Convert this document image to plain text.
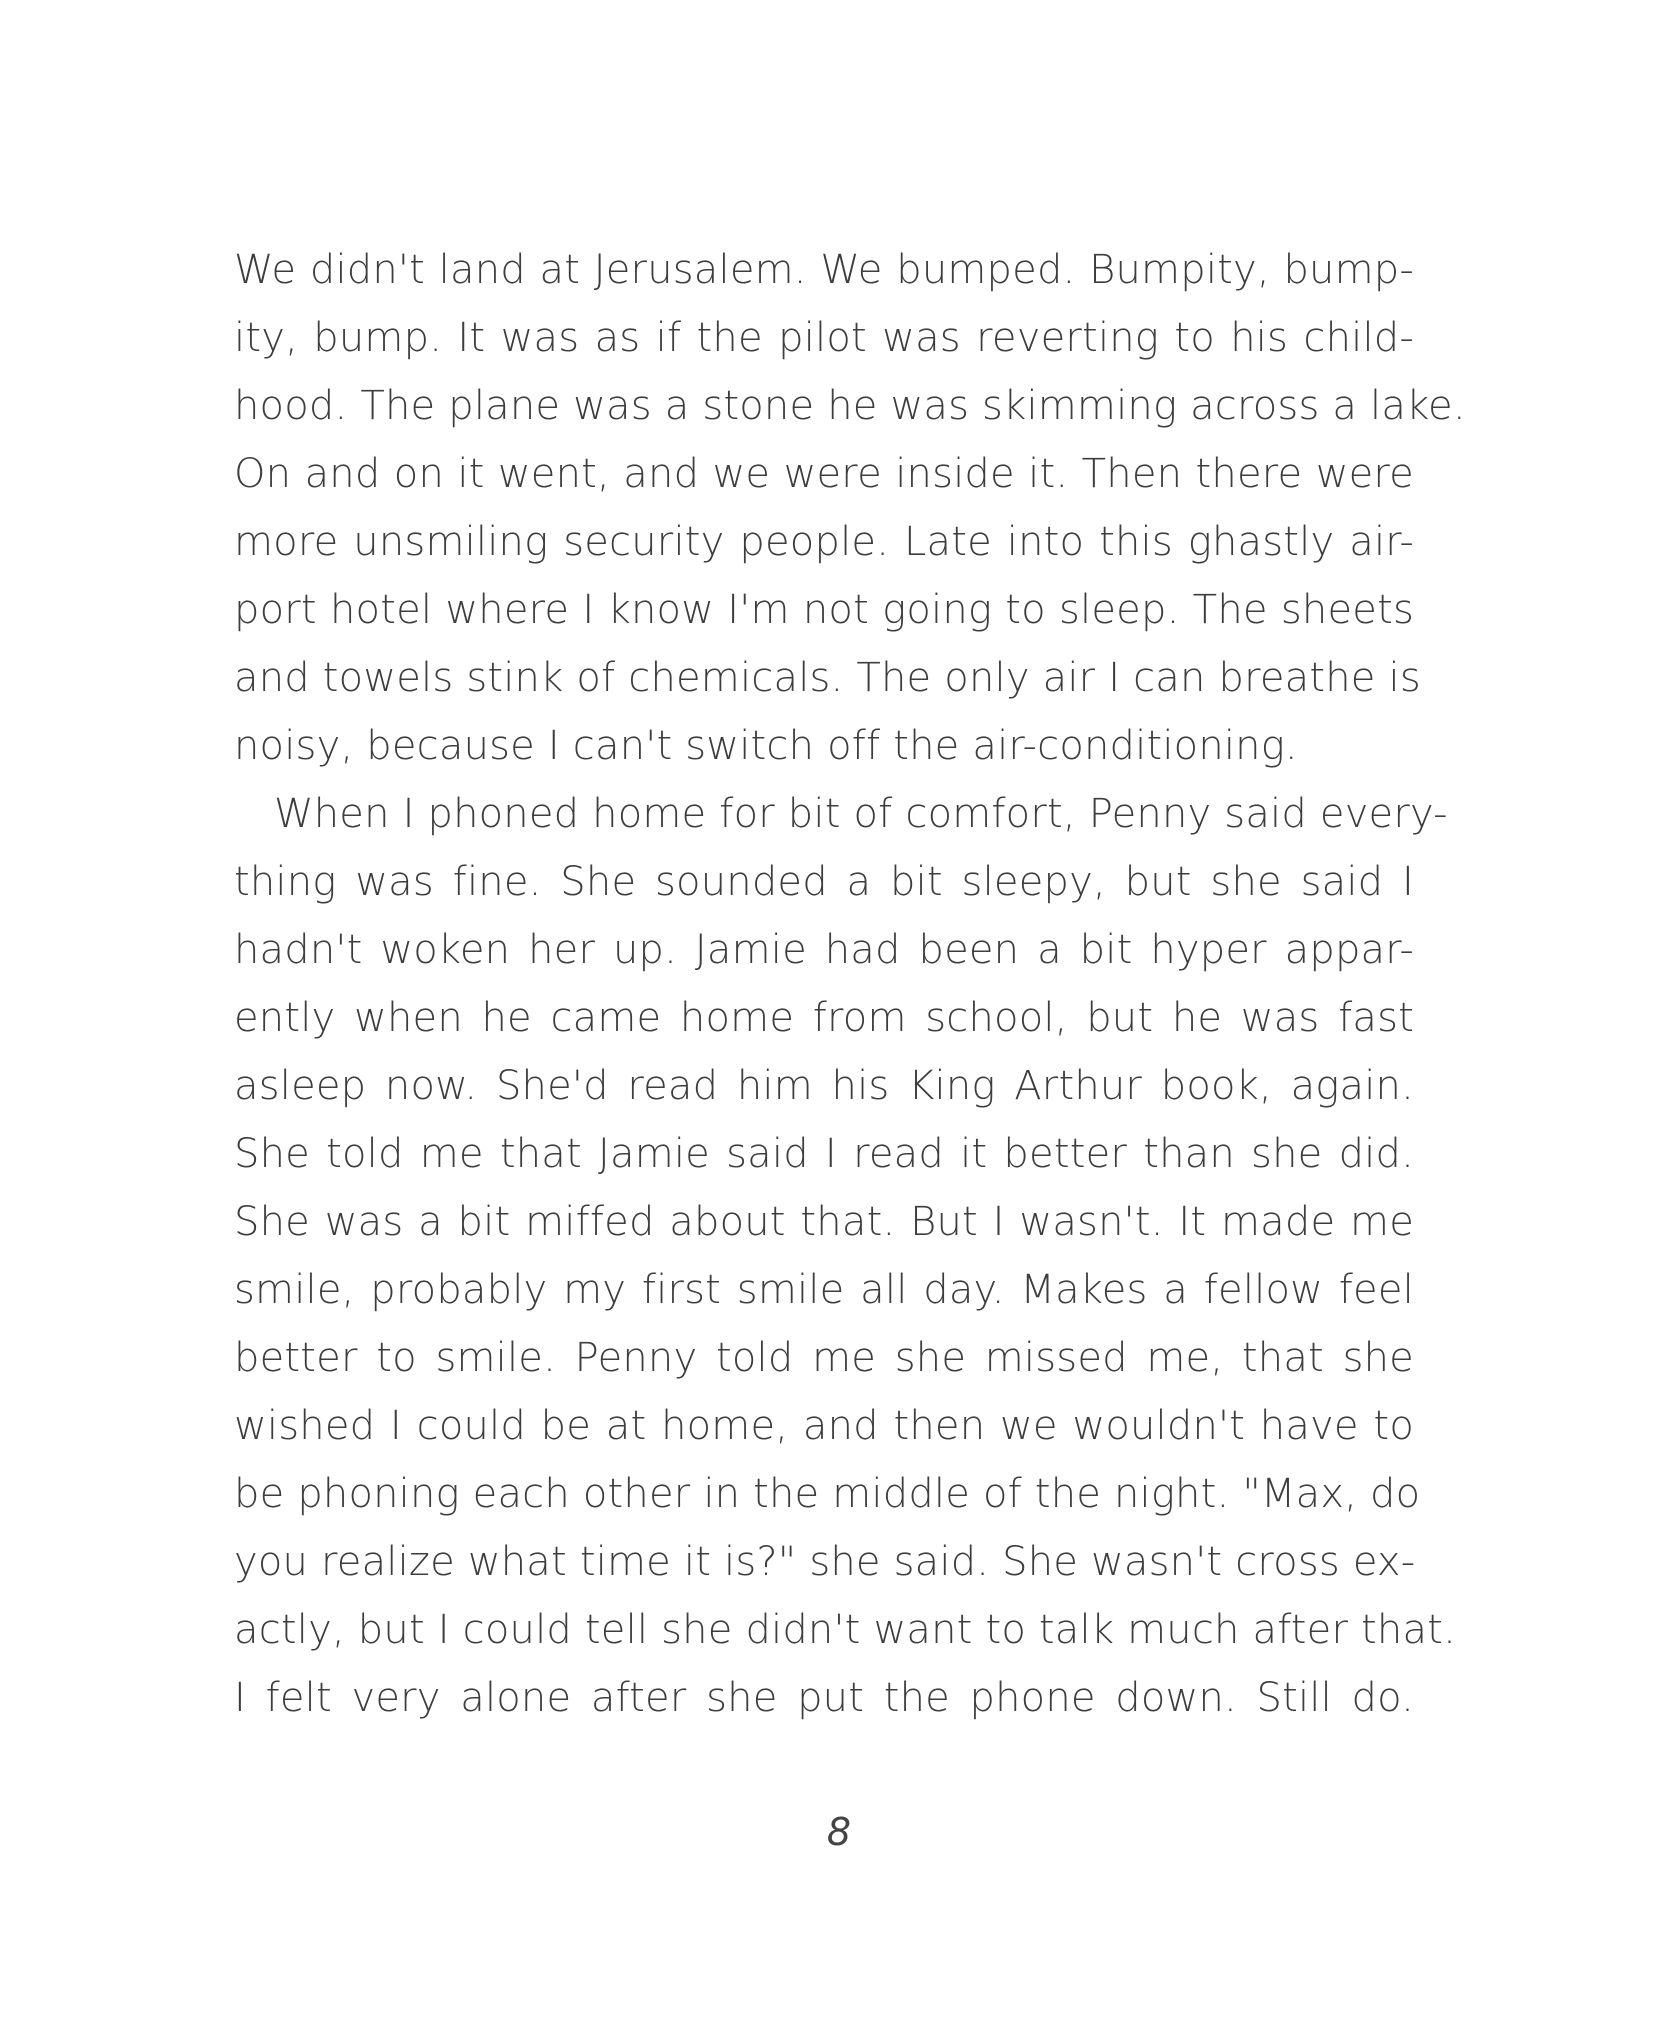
We didn't land at Jerusalem. We bumped. Bumpity, bump-
ity, bump. It was as if the pilot was reverting to his child-
hood. The plane was a stone he was skimming across a lake.
On and on it went, and we were inside it. Then there were
more unsmiling security people. Late into this ghastly air-
port hotel where I know I'm not going to sleep. The sheets
and towels stink of chemicals. The only air I can breathe is
noisy, because I can't switch off the air-conditioning.
When I phoned home for bit of comfort, Penny said every-
thing was fine. She sounded a bit sleepy, but she said I
hadn't woken her up. Jamie had been a bit hyper appar-
ently when he came home from school, but he was fast
asleep now. She'd read him his King Arthur book, again.
She told me that Jamie said I read it better than she did.
She was a bit miffed about that. But I wasn't. It made me
smile, probably my first smile all day. Makes a fellow feel
better to smile. Penny told me she missed me, that she
wished I could be at home, and then we wouldn't have to
be phoning each other in the middle of the night. "Max, do
you realize what time it is?" she said. She wasn't cross ex-
actly, but I could tell she didn't want to talk much after that.
I felt very alone after she put the phone down. Still do.
8
